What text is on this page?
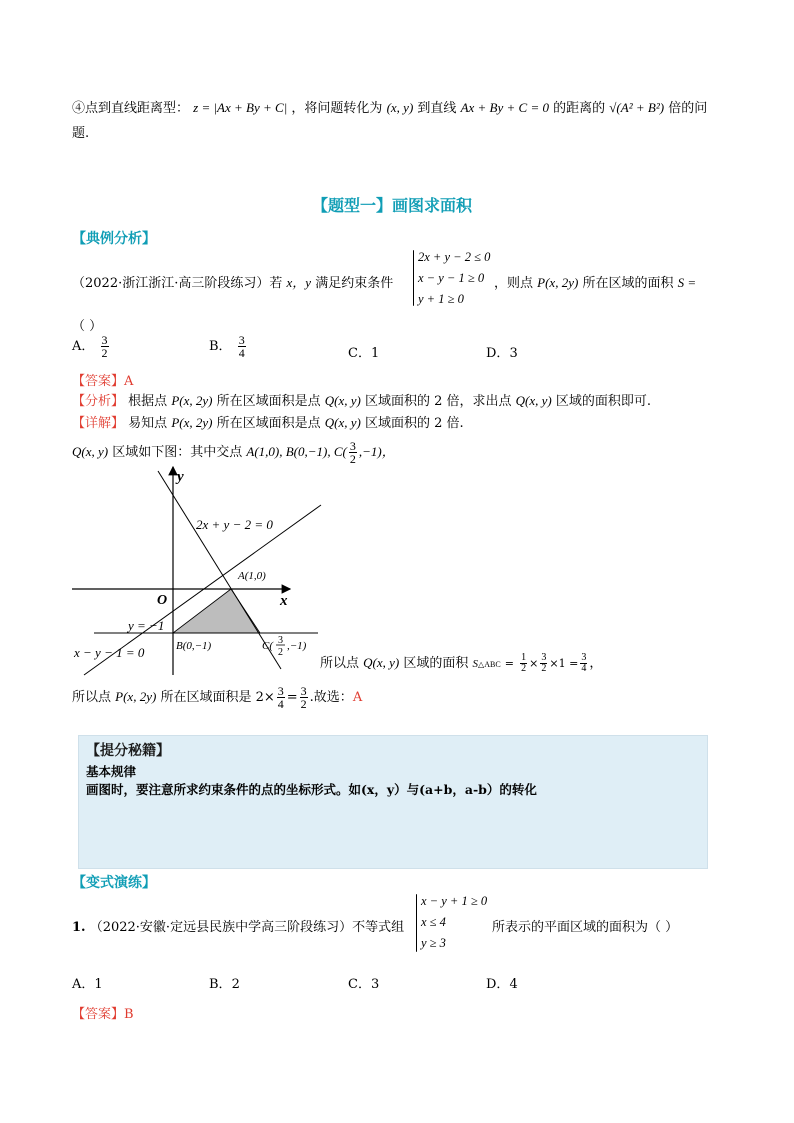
④点到直线距离型： z = |Ax + By + C| ，将问题转化为 (x, y) 到直线 Ax + By + C = 0 的距离的 √(A² + B²) 倍的问
题.
【题型一】画图求面积
【典例分析】
（2022·浙江浙江·高三阶段练习）若 x，y 满足约束条件
2x + y − 2 ≤ 0
x − y − 1 ≥ 0
y + 1 ≥ 0
，则点 P(x, 2y) 所在区域的面积 S =
（ ）
A． $\frac{3}{2}$	B． $\frac{3}{4}$	C．1	D．3
【答案】A
【分析】 根据点 P(x, 2y) 所在区域面积是点 Q(x, y) 区域面积的 2 倍，求出点 Q(x, y) 区域的面积即可.
【详解】 易知点 P(x, 2y) 所在区域面积是点 Q(x, y) 区域面积的 2 倍.
Q(x, y) 区域如下图：其中交点 A(1,0), B(0,−1), $C( \frac{3}{2} ,-1)$，
y
x
O
2x + y − 2 = 0
A(1,0)
y = −1
B(0,−1)	C( 3
2
,−1)
x − y − 1 = 0
所以点 Q(x, y) 区域的面积 S△ABC = $\frac{1}{2} \times \frac{3}{2} \times 1 = \frac{3}{4}$ ，
所以点 P(x, 2y) 所在区域面积是 $2\times \frac{3}{4} = \frac{3}{2}$ .故选：A
【提分秘籍】
基本规律
画图时，要注意所求约束条件的点的坐标形式。如(x，y）与(a+b，a-b）的转化
【变式演练】
1. （2022·安徽·定远县民族中学高三阶段练习）不等式组
x − y + 1 ≥ 0
x ≤ 4
y ≥ 3
所表示的平面区域的面积为（ ）
A．1	B．2	C．3	D．4
【答案】B
